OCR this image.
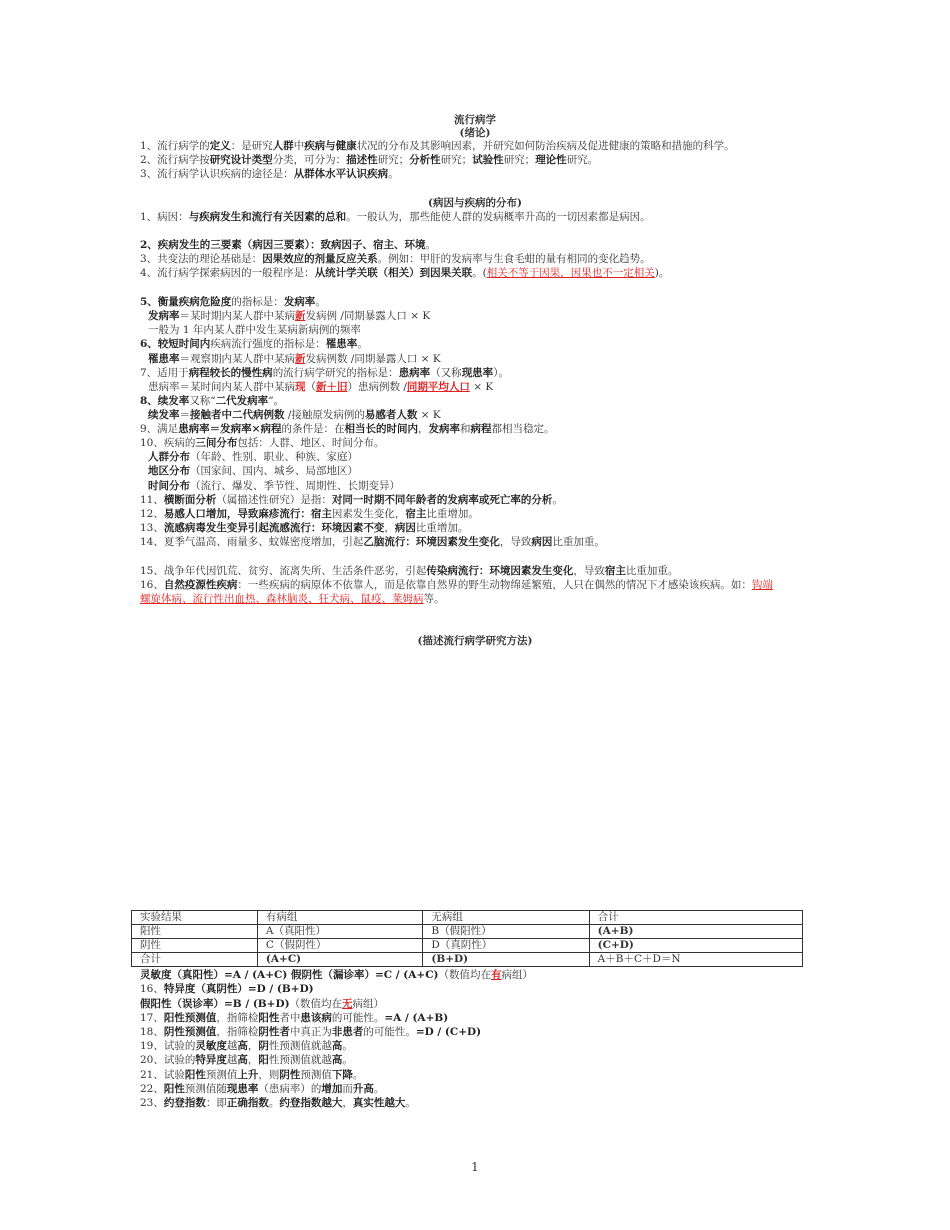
流行病学
(绪论)
1、流行病学的定义：是研究人群中疾病与健康状况的分布及其影响因素，并研究如何防治疾病及促进健康的策略和措施的科学。
2、流行病学按研究设计类型分类，可分为：描述性研究；分析性研究；试验性研究；理论性研究。
3、流行病学认识疾病的途径是：从群体水平认识疾病。
(病因与疾病的分布)
1、病因：与疾病发生和流行有关因素的总和。一般认为，那些能使人群的发病概率升高的一切因素都是病因。
2、疾病发生的三要素（病因三要素）：致病因子、宿主、环境。
3、共变法的理论基础是：因果效应的剂量反应关系。例如：甲肝的发病率与生食毛蚶的量有相同的变化趋势。
4、流行病学探索病因的一般程序是：从统计学关联（相关）到因果关联。(相关不等于因果，因果也不一定相关)。
5、衡量疾病危险度的指标是：发病率。
发病率＝某时期内某人群中某病新发病例 /同期暴露人口 × K
一般为 1 年内某人群中发生某病新病例的频率
6、较短时间内疾病流行强度的指标是：罹患率。
罹患率＝观察期内某人群中某病新发病例数 /同期暴露人口 × K
7、适用于病程较长的慢性病的流行病学研究的指标是：患病率（又称现患率）。
患病率＝某时间内某人群中某病现（新＋旧）患病例数 /同期平均人口 × K
8、续发率又称“二代发病率”。
续发率＝接触者中二代病例数 /接触原发病例的易感者人数 × K
9、满足患病率＝发病率×病程的条件是：在相当长的时间内，发病率和病程都相当稳定。
10、疾病的三间分布包括：人群、地区、时间分布。
人群分布（年龄、性别、职业、种族、家庭）
地区分布（国家间、国内、城乡、局部地区）
时间分布（流行、爆发、季节性、周期性、长期变异）
11、横断面分析（属描述性研究）是指：对同一时期不同年龄者的发病率或死亡率的分析。
12、易感人口增加，导致麻疹流行：宿主因素发生变化，宿主比重增加。
13、流感病毒发生变异引起流感流行：环境因素不变，病因比重增加。
14、夏季气温高、雨量多、蚊媒密度增加，引起乙脑流行：环境因素发生变化，导致病因比重加重。
15、战争年代因饥荒、贫穷、流离失所、生活条件恶劣，引起传染病流行：环境因素发生变化，导致宿主比重加重。
16、自然疫源性疾病：一些疾病的病原体不依靠人，而是依靠自然界的野生动物绵延繁殖，人只在偶然的情况下才感染该疾病。如：钩端
螺旋体病、流行性出血热、森林脑炎、狂犬病、鼠疫、莱姆病等。
(描述流行病学研究方法)
实验结果	有病组	无病组	合计
阳性	A（真阳性）	B（假阳性）	(A+B)
阴性	C（假阴性）	D（真阴性）	(C+D)
合计	(A+C)	(B+D)	A＋B＋C＋D＝N
灵敏度（真阳性）=A / (A+C) 假阴性（漏诊率）=C / (A+C)（数值均在有病组）
16、特异度（真阴性）=D / (B+D)
假阳性（误诊率）=B / (B+D)（数值均在无病组）
17、阳性预测值，指筛检阳性者中患该病的可能性。=A / (A+B)
18、阴性预测值，指筛检阴性者中真正为非患者的可能性。=D / (C+D)
19、试验的灵敏度越高，阴性预测值就越高。
20、试验的特异度越高，阳性预测值就越高。
21、试验阳性预测值上升，则阴性预测值下降。
22、阳性预测值随现患率（患病率）的增加而升高。
23、约登指数：即正确指数。约登指数越大，真实性越大。
1
